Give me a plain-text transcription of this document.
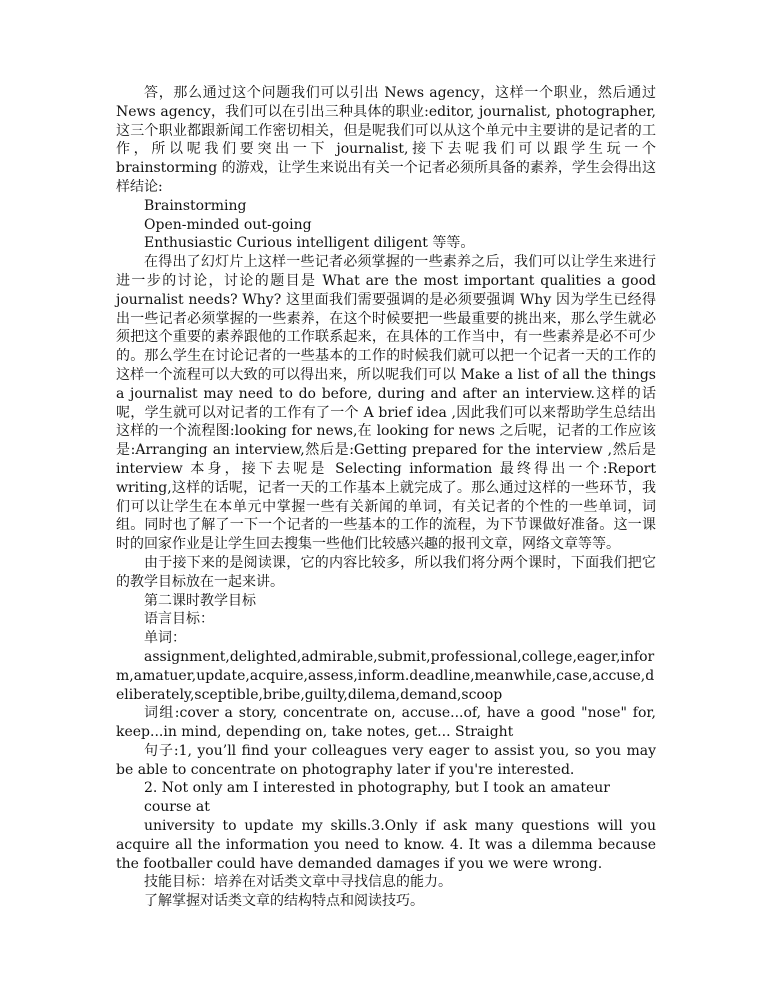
答，那么通过这个问题我们可以引出 News agency，这样一个职业，然后通过 News agency，我们可以在引出三种具体的职业:editor, journalist, photographer,这三个职业都跟新闻工作密切相关，但是呢我们可以从这个单元中主要讲的是记者的工作，所以呢我们要突出一下 journalist,接下去呢我们可以跟学生玩一个 brainstorming 的游戏，让学生来说出有关一个记者必须所具备的素养，学生会得出这样结论:

Brainstorming

Open-minded out-going

Enthusiastic Curious intelligent diligent 等等。

在得出了幻灯片上这样一些记者必须掌握的一些素养之后，我们可以让学生来进行进一步的讨论，讨论的题目是 What are the most important qualities a good journalist needs? Why? 这里面我们需要强调的是必须要强调 Why 因为学生已经得出一些记者必须掌握的一些素养，在这个时候要把一些最重要的挑出来，那么学生就必须把这个重要的素养跟他的工作联系起来，在具体的工作当中，有一些素养是必不可少的。那么学生在讨论记者的一些基本的工作的时候我们就可以把一个记者一天的工作的这样一个流程可以大致的可以得出来，所以呢我们可以 Make a list of all the things a journalist may need to do before, during and after an interview.这样的话呢，学生就可以对记者的工作有了一个 A brief idea ,因此我们可以来帮助学生总结出这样的一个流程图:looking for news,在 looking for news 之后呢，记者的工作应该是:Arranging an interview,然后是:Getting prepared for the interview ,然后是 interview 本身，接下去呢是 Selecting information 最终得出一个:Report writing,这样的话呢，记者一天的工作基本上就完成了。那么通过这样的一些环节，我们可以让学生在本单元中掌握一些有关新闻的单词，有关记者的个性的一些单词，词组。同时也了解了一下一个记者的一些基本的工作的流程，为下节课做好准备。这一课时的回家作业是让学生回去搜集一些他们比较感兴趣的报刊文章，网络文章等等。

由于接下来的是阅读课，它的内容比较多，所以我们将分两个课时，下面我们把它的教学目标放在一起来讲。

第二课时教学目标

语言目标：

单词：

assignment,delighted,admirable,submit,professional,college,eager,inform,amatuer,update,acquire,assess,inform.deadline,meanwhile,case,accuse,deliberately,sceptible,bribe,guilty,dilema,demand,scoop

词组:cover a story, concentrate on, accuse...of, have a good "nose" for, keep...in mind, depending on, take notes, get... Straight

句子:1, you’ll find your colleagues very eager to assist you, so you may be able to concentrate on photography later if you're interested.

2. Not only am I interested in photography, but I took an amateur course at

university to update my skills.3.Only if ask many questions will you acquire all the information you need to know. 4. It was a dilemma because the footballer could have demanded damages if you we were wrong.

技能目标：培养在对话类文章中寻找信息的能力。

了解掌握对话类文章的结构特点和阅读技巧。
